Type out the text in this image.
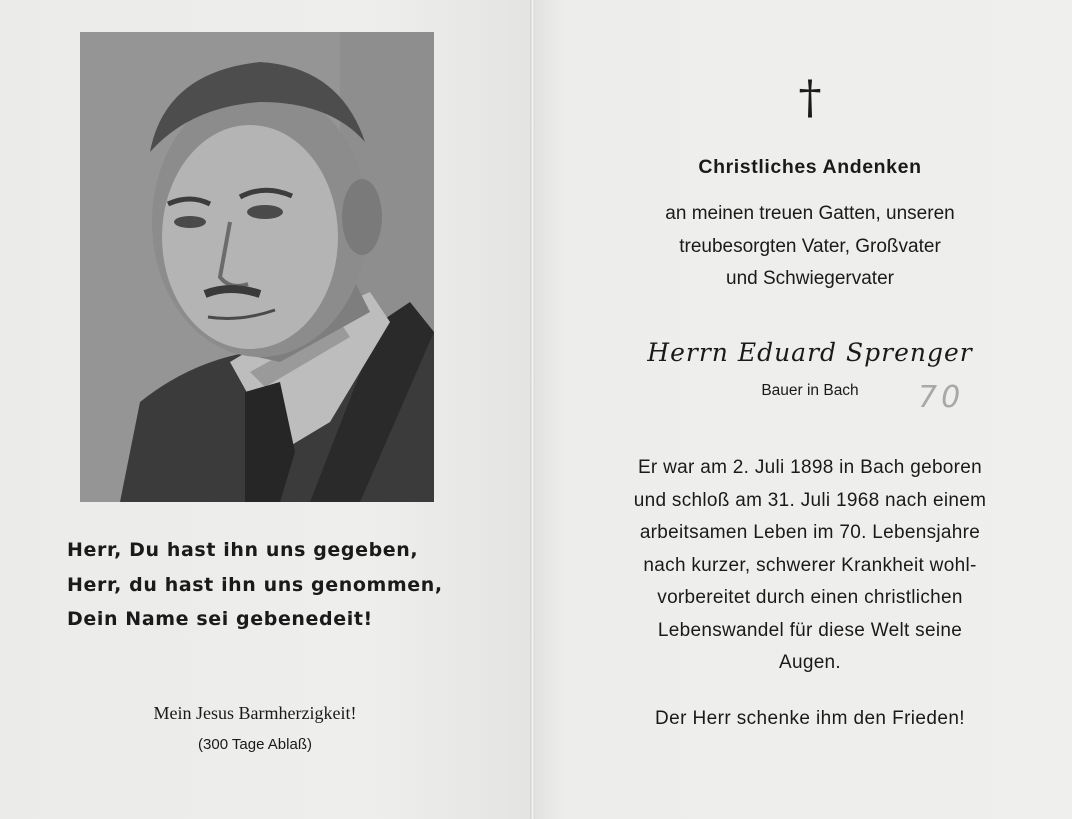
Herr, Du hast ihn uns gegeben,
Herr, du hast ihn uns genommen,
Dein Name sei gebenedeit!
Mein Jesus Barmherzigkeit!
(300 Tage Ablaß)
†
Christliches Andenken
an meinen treuen Gatten, unseren
treubesorgten Vater, Großvater
und Schwiegervater
Herrn Eduard Sprenger
Bauer in Bach	70
Er war am 2. Juli 1898 in Bach geboren
und schloß am 31. Juli 1968 nach einem
arbeitsamen Leben im 70. Lebensjahre
nach kurzer, schwerer Krankheit wohl-
vorbereitet durch einen christlichen
Lebenswandel für diese Welt seine
Augen.
Der Herr schenke ihm den Frieden!
